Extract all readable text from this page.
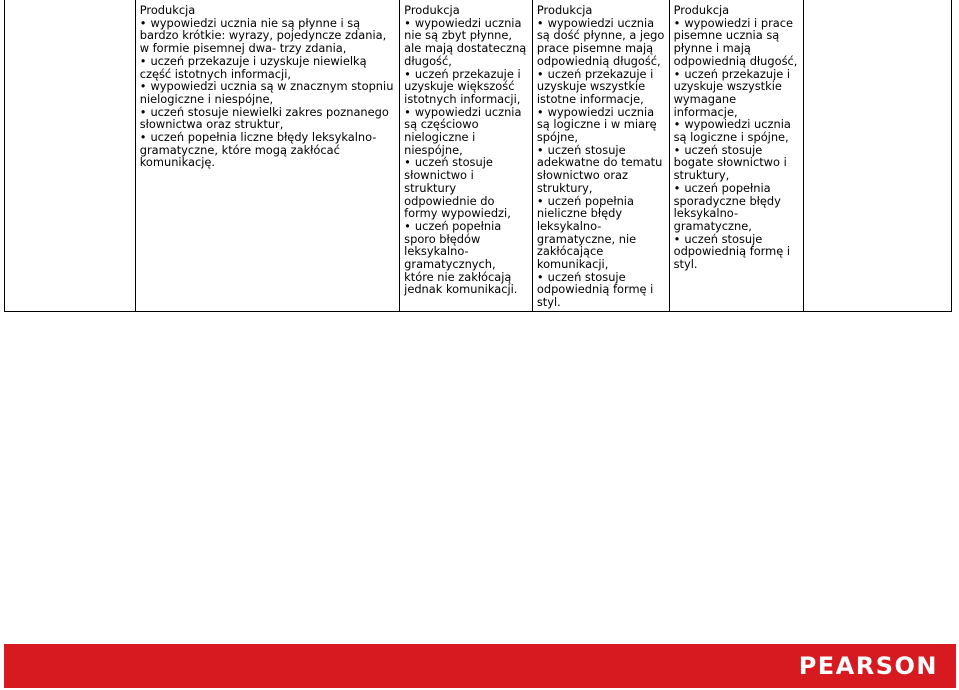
Produkcja
• wypowiedzi ucznia nie są płynne i są bardzo krótkie: wyrazy, pojedyncze zdania, w formie pisemnej dwa- trzy zdania,
• uczeń przekazuje i uzyskuje niewielką część istotnych informacji,
• wypowiedzi ucznia są w znacznym stopniu nielogiczne i niespójne,
• uczeń stosuje niewielki zakres poznanego słownictwa oraz struktur,
• uczeń popełnia liczne błędy leksykalno-gramatyczne, które mogą zakłócać komunikację.
Produkcja
• wypowiedzi ucznia nie są zbyt płynne, ale mają dostateczną długość,
• uczeń przekazuje i uzyskuje większość istotnych informacji,
• wypowiedzi ucznia są częściowo nielogiczne i niespójne,
• uczeń stosuje słownictwo i struktury odpowiednie do formy wypowiedzi,
• uczeń popełnia sporo błędów leksykalno-gramatycznych, które nie zakłócają jednak komunikacji.
Produkcja
• wypowiedzi ucznia są dość płynne, a jego prace pisemne mają odpowiednią długość,
• uczeń przekazuje i uzyskuje wszystkie istotne informacje,
• wypowiedzi ucznia są logiczne i w miarę spójne,
• uczeń stosuje adekwatne do tematu słownictwo oraz struktury,
• uczeń popełnia nieliczne błędy leksykalno-gramatyczne, nie zakłócające komunikacji,
• uczeń stosuje odpowiednią formę i styl.
Produkcja
• wypowiedzi i prace pisemne ucznia są płynne i mają odpowiednią długość,
• uczeń przekazuje i uzyskuje wszystkie wymagane informacje,
• wypowiedzi ucznia są logiczne i spójne,
• uczeń stosuje bogate słownictwo i struktury,
• uczeń popełnia sporadyczne błędy leksykalno-gramatyczne,
• uczeń stosuje odpowiednią formę i styl.
PEARSON
